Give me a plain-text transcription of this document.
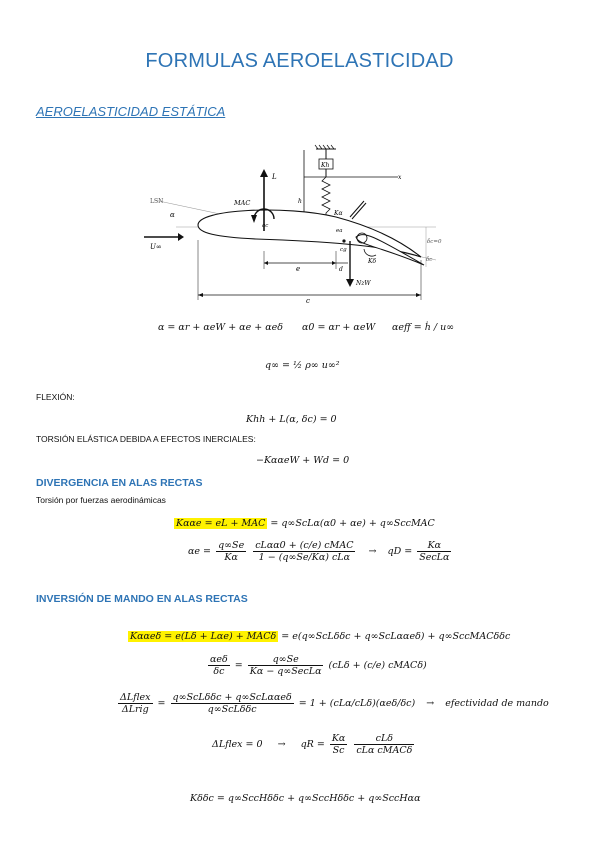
FORMULAS AEROELASTICIDAD
AEROELASTICIDAD ESTÁTICA
Kh
x
h
Kα
LSN
α
δc=0
δc
U∞
L
MAC
ac
ea
cg
NzW
Kδ
e	d
c
α = αr + αeW + αe + αeδ α0 = αr + αeW αeff = ḣ / u∞
q∞ = ½ ρ∞ u∞²
FLEXIÓN:
Khh + L(α, δc) = 0
TORSIÓN ELÁSTICA DEBIDA A EFECTOS INERCIALES:
−KααeW + Wd = 0
DIVERGENCIA EN ALAS RECTAS
Torsión por fuerzas aerodinámicas
Kααe = eL + MAC = q∞ScLα(α0 + αe) + q∞SccMAC
$\alpha e = \frac{q\infty Se}{K\alpha}$
$\frac{\text{cLαα0 + (c/e) cMAC}}{\text{1 − (q∞Se/Kα) cLα}}$ → qD = $\frac{K\alpha}{\text{SecLα}}$
INVERSIÓN DE MANDO EN ALAS RECTAS
Kααeδ = e(Lδ + Lαe) + MACδ = e(q∞ScLδδc + q∞ScLααeδ) + q∞SccMACδδc
$\frac{\text{αeδ}}{\delta c} = \frac{q\infty Se}{\text{Kα − q∞SecLα}} (cL\delta + (c/e)$ cMACδ)
$\frac{\text{ΔLflex}}{\text{ΔLrig}} = \frac{\text{q∞ScLδδc + q∞ScLααeδ}}{\text{q∞ScLδδc}} = 1 + (cL\alpha/cL\delta)(\alpha e\delta/\delta c)$ → efectividad de mando
ΔLflex = 0 → qR = $\frac{K\alpha}{Sc}$
$\frac{\text{cLδ}}{\text{cLα cMACδ}}$
Kδδc = q∞SccHδδc + q∞SccHδδc + q∞SccHαα
